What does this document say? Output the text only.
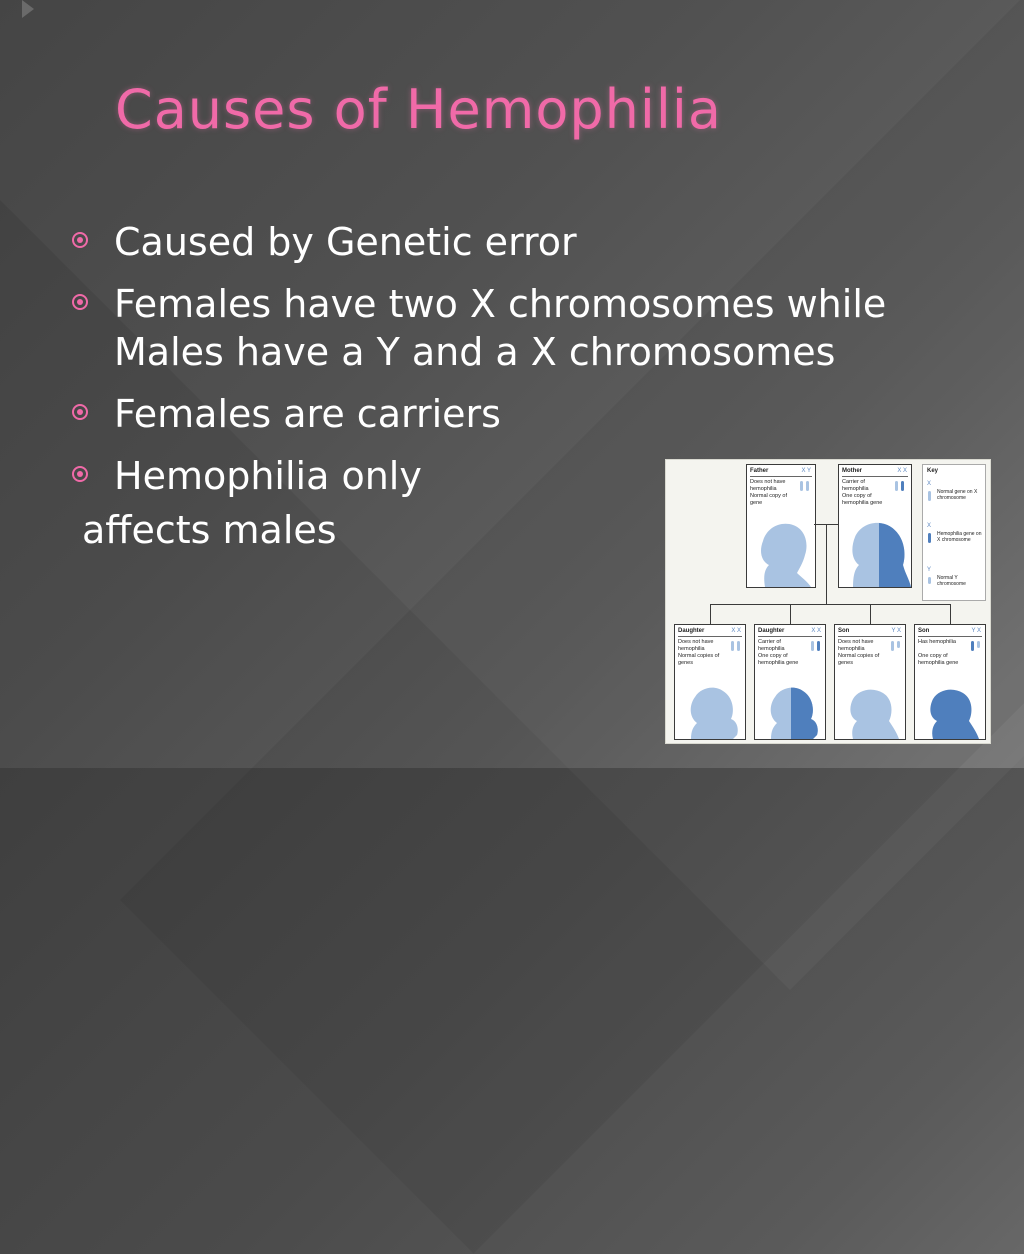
Causes of Hemophilia
Caused by Genetic error
Females have two X chromosomes while Males have a Y and a X chromosomes
Females are carriers
Hemophilia only
affects males
Father	X Y
Does not have hemophilia
Normal copy of gene
Mother	X X
Carrier of hemophilia
One copy of hemophilia gene
Key
X
Normal gene on X chromosome
X
Hemophilia gene on X chromosome
Y
Normal Y chromosome
Daughter	X X
Does not have hemophilia
Normal copies of genes
Daughter	X X
Carrier of hemophilia
One copy of hemophilia gene
Son	Y X
Does not have hemophilia
Normal copies of genes
Son	Y X
Has hemophilia
One copy of hemophilia gene
